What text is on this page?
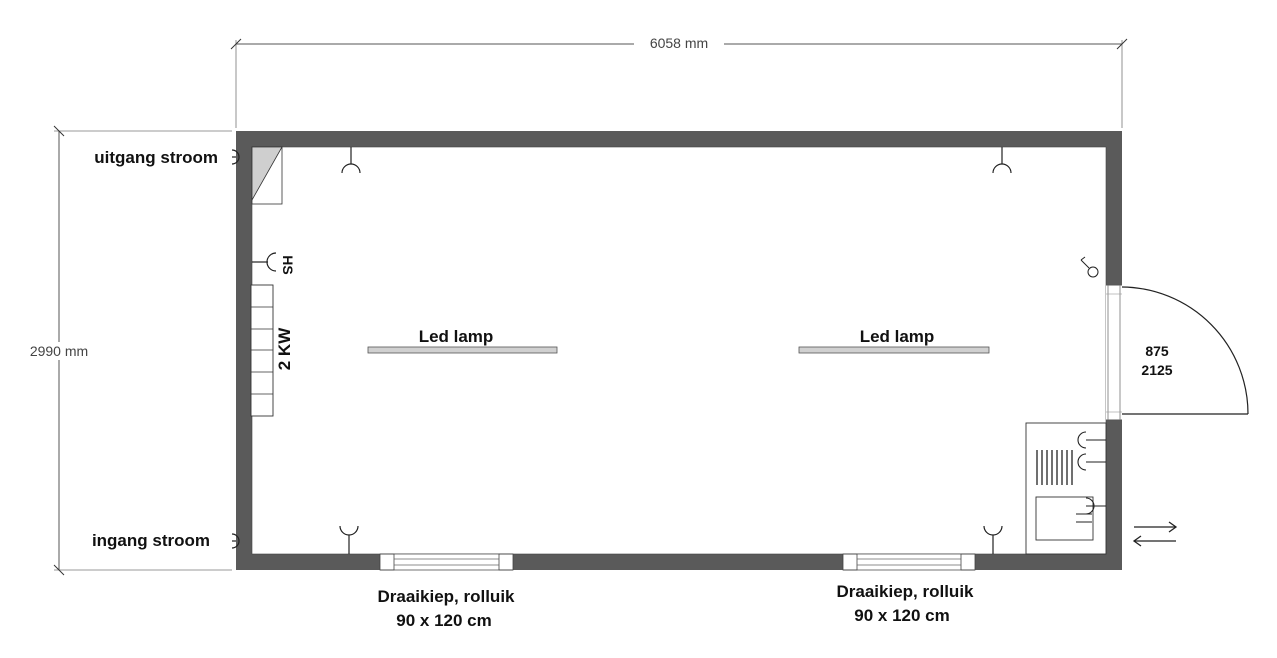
6058 mm
2990 mm	875
2125
Draaikiep, rolluik
90 x 120 cm
Draaikiep, rolluik
90 x 120 cm
uitgang stroom
ingang stroom
HS
2 KW	Led lamp	Led lamp
